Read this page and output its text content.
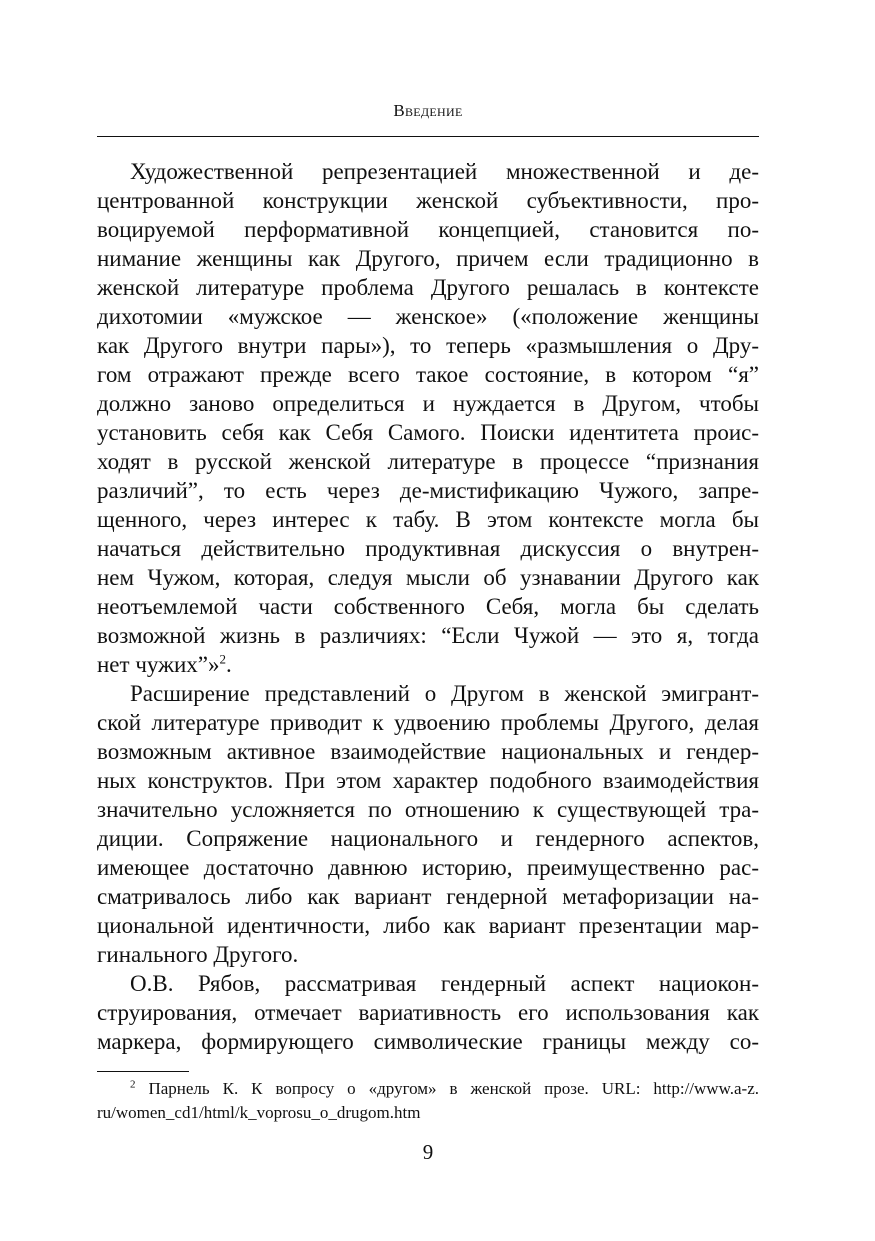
Введение

Художественной репрезентацией множественной и де-
центрованной конструкции женской субъективности, про-
воцируемой перформативной концепцией, становится по-
нимание женщины как Другого, причем если традиционно в
женской литературе проблема Другого решалась в контексте
дихотомии «мужское — женское» («положение женщины
как Другого внутри пары»), то теперь «размышления о Дру-
гом отражают прежде всего такое состояние, в котором “я”
должно заново определиться и нуждается в Другом, чтобы
установить себя как Себя Самого. Поиски идентитета проис-
ходят в русской женской литературе в процессе “признания
различий”, то есть через де-мистификацию Чужого, запре-
щенного, через интерес к табу. В этом контексте могла бы
начаться действительно продуктивная дискуссия о внутрен-
нем Чужом, которая, следуя мысли об узнавании Другого как
неотъемлемой части собственного Себя, могла бы сделать
возможной жизнь в различиях: “Если Чужой — это я, тогда
нет чужих”»$^2$.

Расширение представлений о Другом в женской эмигрант-
ской литературе приводит к удвоению проблемы Другого, делая
возможным активное взаимодействие национальных и гендер-
ных конструктов. При этом характер подобного взаимодействия
значительно усложняется по отношению к существующей тра-
диции. Сопряжение национального и гендерного аспектов,
имеющее достаточно давнюю историю, преимущественно рас-
сматривалось либо как вариант гендерной метафоризации на-
циональной идентичности, либо как вариант презентации мар-
гинального Другого.

О.В. Рябов, рассматривая гендерный аспект нациокон-
струирования, отмечает вариативность его использования как
маркера, формирующего символические границы между со-

$^2$ Парнель К. К вопросу о «другом» в женской прозе. URL: http://www.a-z.
ru/women_cd1/html/k_voprosu_o_drugom.htm
9
